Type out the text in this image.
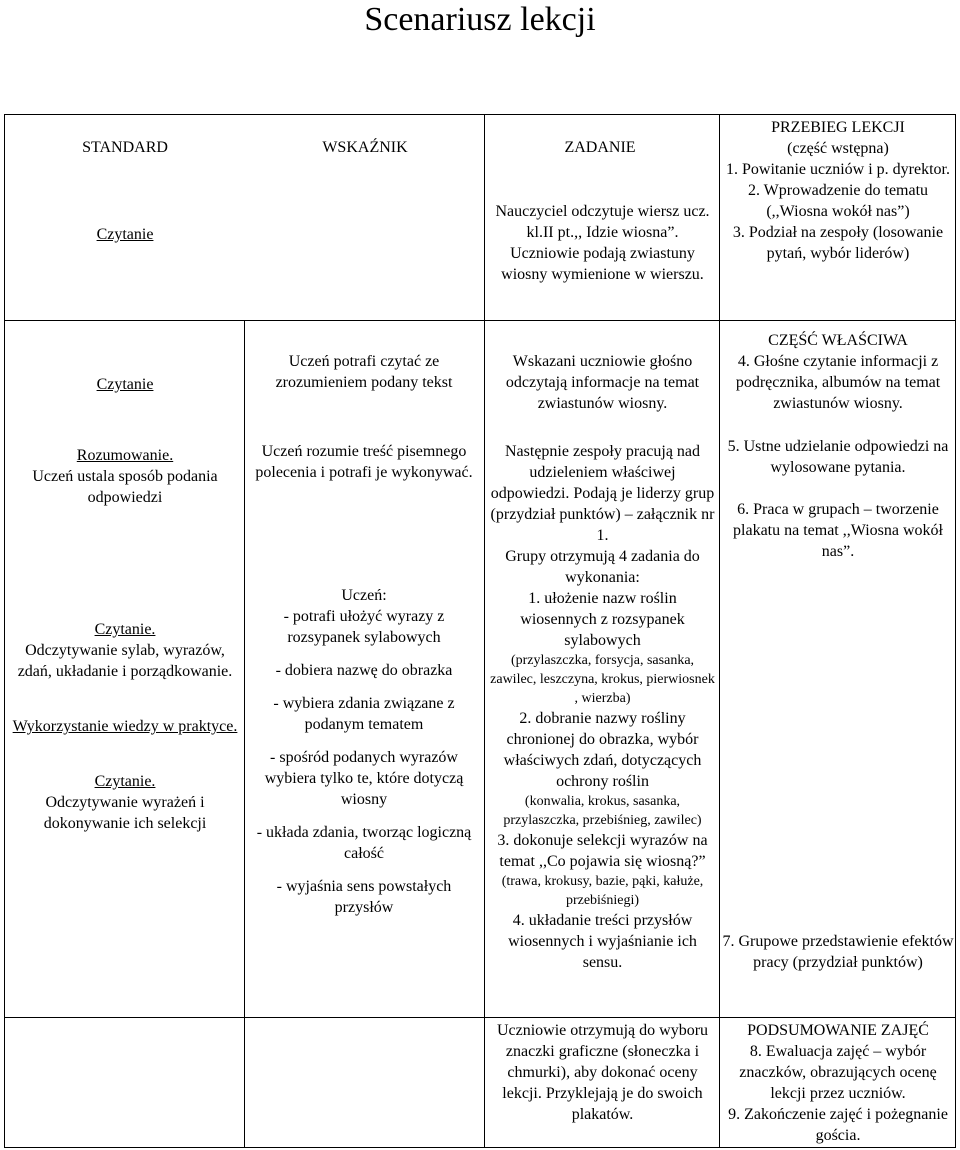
Scenariusz lekcji
STANDARD	WSKAŹNIK	ZADANIE
Czytanie
Nauczyciel odczytuje wiersz ucz. kl.II pt.,, Idzie wiosna”. Uczniowie podają zwiastuny wiosny wymienione w wierszu.

PRZEBIEG LEKCJI

(część wstępna)

1. Powitanie uczniów i p. dyrektor.

2. Wprowadzenie do tematu (,,Wiosna wokół nas”)

3. Podział na zespoły (losowanie pytań, wybór liderów)

Czytanie

Rozumowanie.

Uczeń ustala sposób podania odpowiedzi

Czytanie.

Odczytywanie sylab, wyrazów, zdań, układanie i porządkowanie.

Wykorzystanie wiedzy w praktyce.

Czytanie.

Odczytywanie wyrażeń i dokonywanie ich selekcji

Uczeń potrafi czytać ze zrozumieniem podany tekst

Uczeń rozumie treść pisemnego polecenia i potrafi je wykonywać.

Uczeń:

- potrafi ułożyć wyrazy z rozsypanek sylabowych

- dobiera nazwę do obrazka

- wybiera zdania związane z podanym tematem

- spośród podanych wyrazów wybiera tylko te, które dotyczą wiosny

- układa zdania, tworząc logiczną całość

- wyjaśnia sens powstałych przysłów

Wskazani uczniowie głośno odczytają informacje na temat zwiastunów wiosny.

Następnie zespoły pracują nad udzieleniem właściwej odpowiedzi. Podają je liderzy grup (przydział punktów) – załącznik nr 1.

Grupy otrzymują 4 zadania do wykonania:

1. ułożenie nazw roślin wiosennych z rozsypanek sylabowych

(przylaszczka, forsycja, sasanka, zawilec, leszczyna, krokus, pierwiosnek , wierzba)

2. dobranie nazwy rośliny chronionej do obrazka, wybór właściwych zdań, dotyczących ochrony roślin

(konwalia, krokus, sasanka, przylaszczka, przebiśnieg, zawilec)

3. dokonuje selekcji wyrazów na temat ,,Co pojawia się wiosną?”

(trawa, krokusy, bazie, pąki, kałuże, przebiśniegi)

4. układanie treści przysłów wiosennych i wyjaśnianie ich sensu.

CZĘŚĆ WŁAŚCIWA

4. Głośne czytanie informacji z podręcznika, albumów na temat zwiastunów wiosny.

5. Ustne udzielanie odpowiedzi na wylosowane pytania.

6. Praca w grupach – tworzenie plakatu na temat ,,Wiosna wokół nas”.

7. Grupowe przedstawienie efektów pracy (przydział punktów)
Uczniowie otrzymują do wyboru znaczki graficzne (słoneczka i chmurki), aby dokonać oceny lekcji. Przyklejają je do swoich plakatów.

PODSUMOWANIE ZAJĘĆ

8. Ewaluacja zajęć – wybór znaczków, obrazujących ocenę lekcji przez uczniów.

9. Zakończenie zajęć i pożegnanie gościa.
